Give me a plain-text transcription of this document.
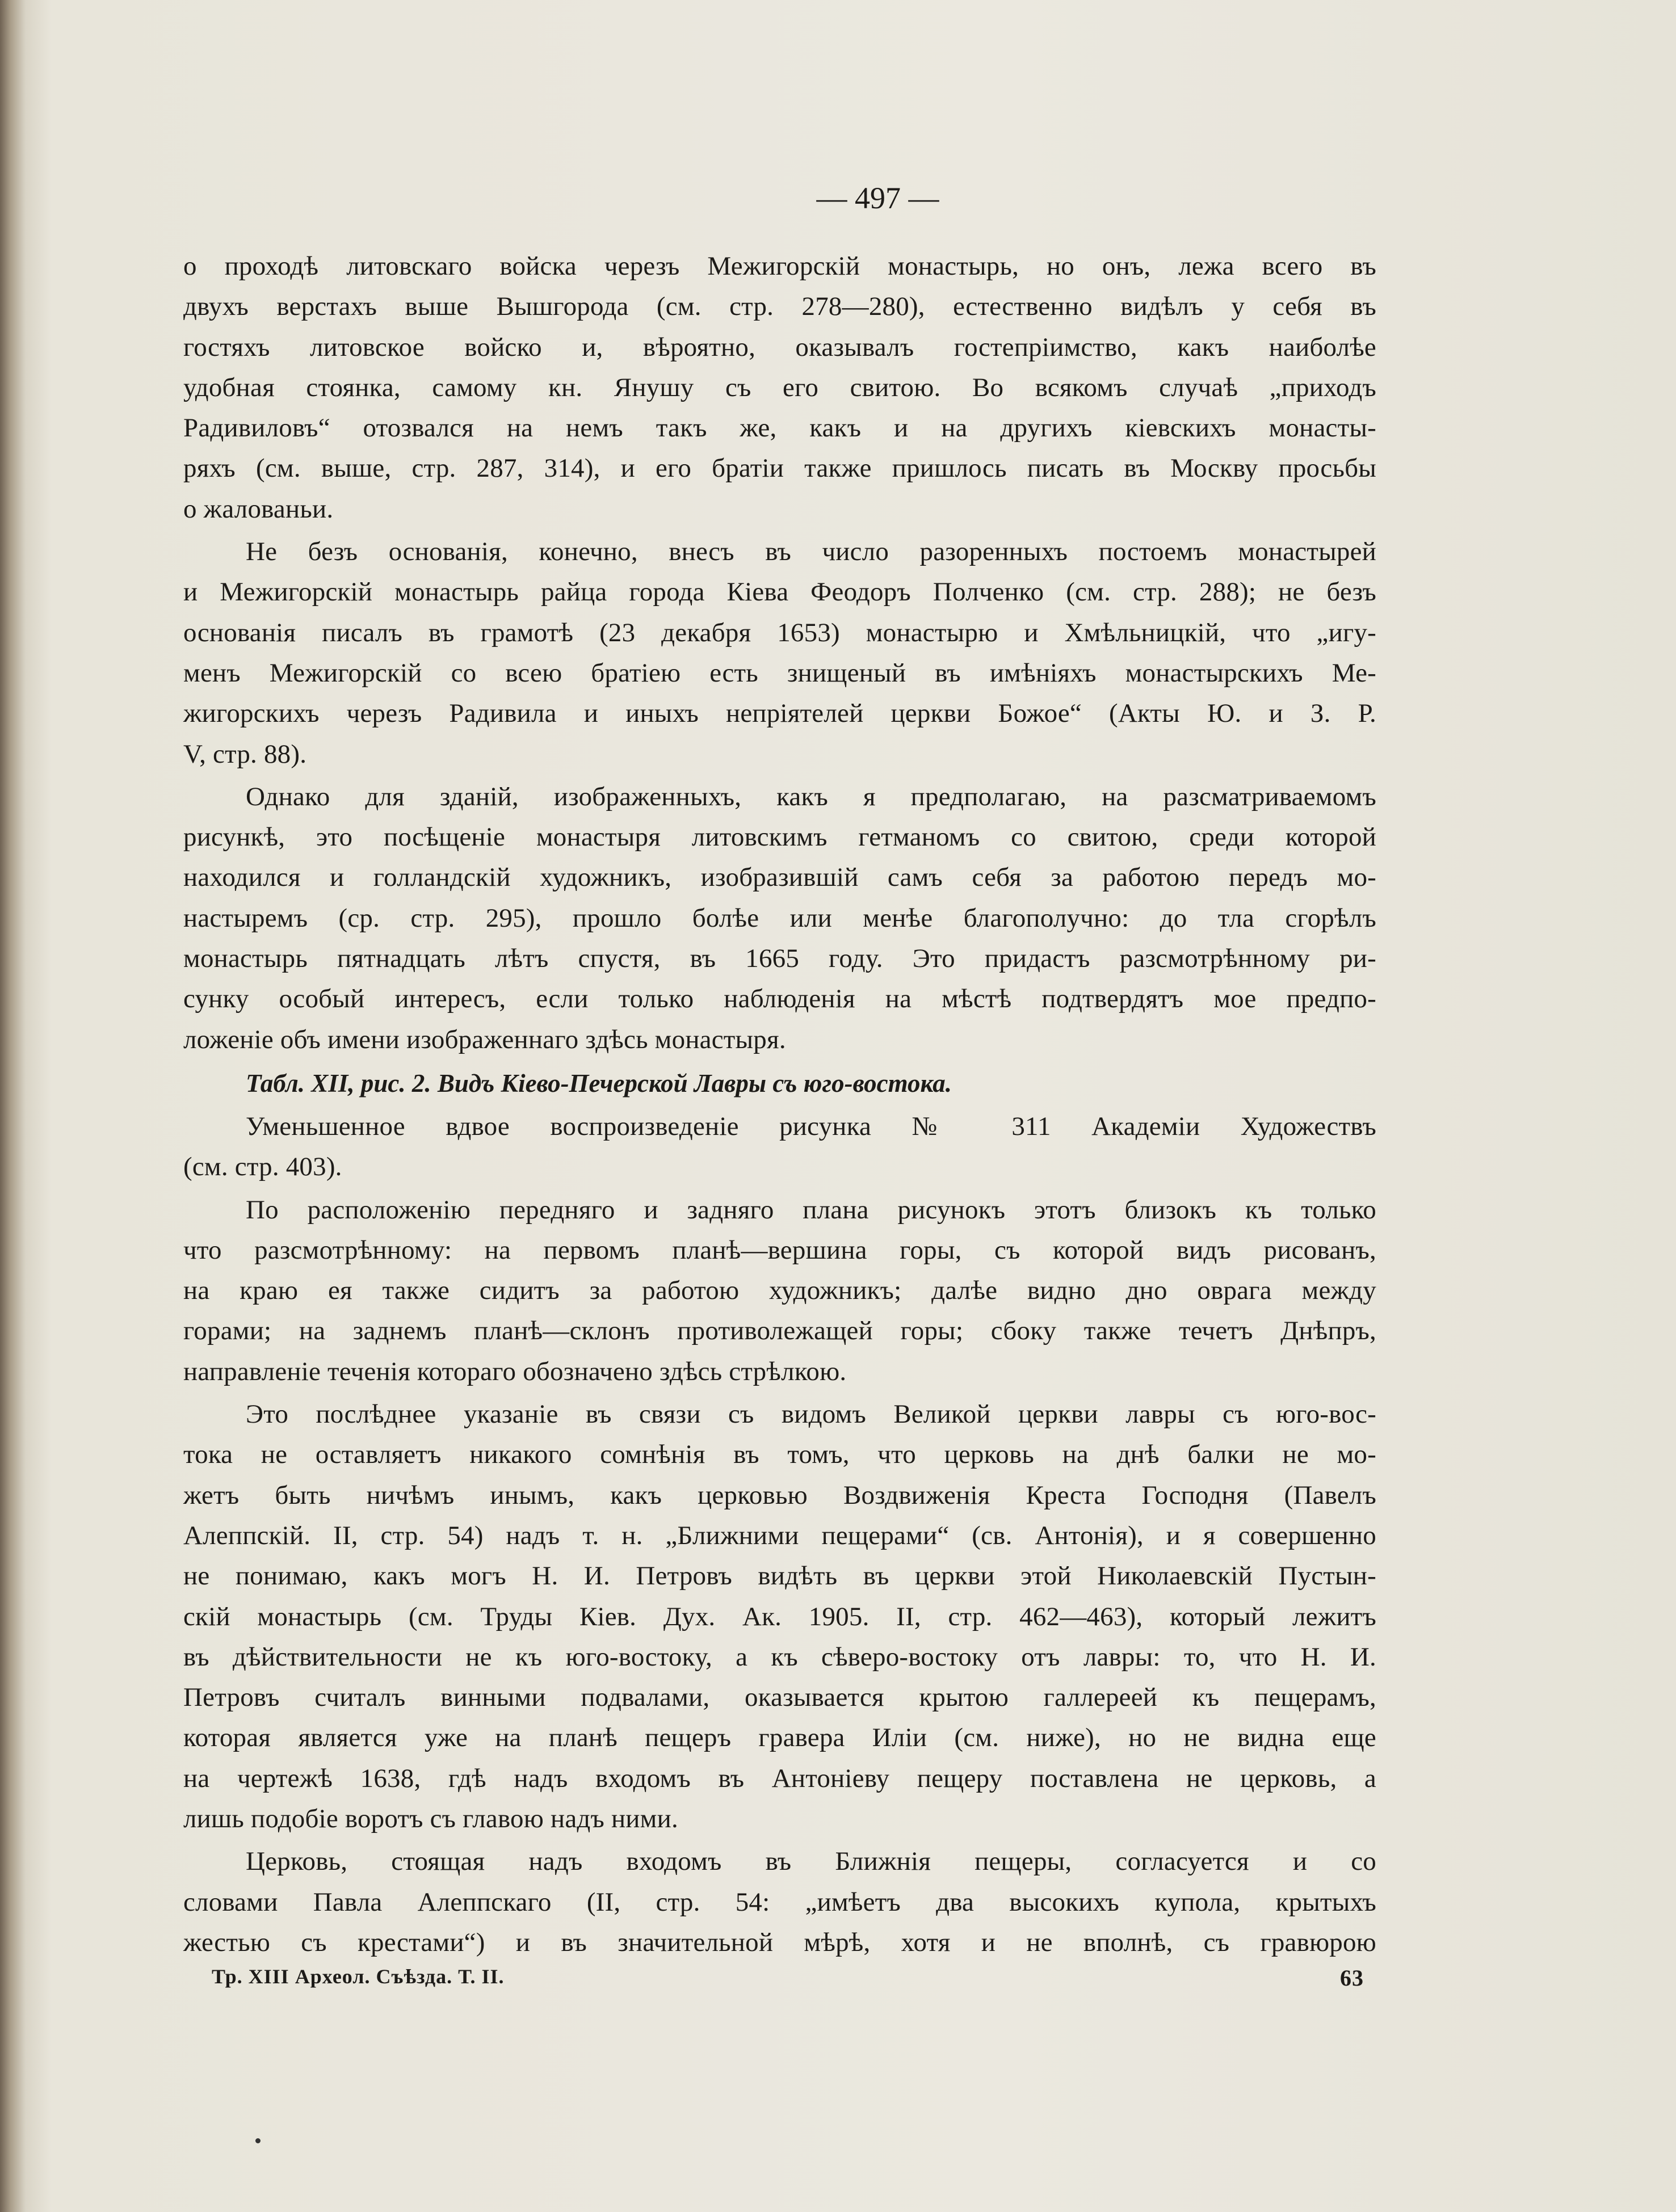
— 497 —
о проходѣ литовскаго войска черезъ Межигорскій монастырь, но онъ, лежа всего въ
двухъ верстахъ выше Вышгорода (см. стр. 278—280), естественно видѣлъ у себя въ
гостяхъ литовское войско и, вѣроятно, оказывалъ гостепріимство, какъ наиболѣе
удобная стоянка, самому кн. Янушу съ его свитою. Во всякомъ случаѣ „приходъ
Радивиловъ“ отозвался на немъ такъ же, какъ и на другихъ кіевскихъ монасты-
ряхъ (см. выше, стр. 287, 314), и его братіи также пришлось писать въ Москву просьбы
о жалованьи.
Не безъ основанія, конечно, внесъ въ число разоренныхъ постоемъ монастырей
и Межигорскій монастырь райца города Кіева Феодоръ Полченко (см. стр. 288); не безъ
основанія писалъ въ грамотѣ (23 декабря 1653) монастырю и Хмѣльницкій, что „игу-
менъ Межигорскій со всею братіею есть знищеный въ имѣніяхъ монастырскихъ Ме-
жигорскихъ черезъ Радивила и иныхъ непріятелей церкви Божое“ (Акты Ю. и З. Р.
V, стр. 88).
Однако для зданій, изображенныхъ, какъ я предполагаю, на разсматриваемомъ
рисункѣ, это посѣщеніе монастыря литовскимъ гетманомъ со свитою, среди которой
находился и голландскій художникъ, изобразившій самъ себя за работою передъ мо-
настыремъ (ср. стр. 295), прошло болѣе или менѣе благополучно: до тла сгорѣлъ
монастырь пятнадцать лѣтъ спустя, въ 1665 году. Это придастъ разсмотрѣнному ри-
сунку особый интересъ, если только наблюденія на мѣстѣ подтвердятъ мое предпо-
ложеніе объ имени изображеннаго здѣсь монастыря.
Табл. XII, рис. 2. Видъ Кіево-Печерской Лавры съ юго-востока.
Уменьшенное вдвое воспроизведеніе рисунка № 311 Академіи Художествъ
(см. стр. 403).
По расположенію передняго и задняго плана рисунокъ этотъ близокъ къ только
что разсмотрѣнному: на первомъ планѣ—вершина горы, съ которой видъ рисованъ,
на краю ея также сидитъ за работою художникъ; далѣе видно дно оврага между
горами; на заднемъ планѣ—склонъ противолежащей горы; сбоку также течетъ Днѣпръ,
направленіе теченія котораго обозначено здѣсь стрѣлкою.
Это послѣднее указаніе въ связи съ видомъ Великой церкви лавры съ юго-вос-
тока не оставляетъ никакого сомнѣнія въ томъ, что церковь на днѣ балки не мо-
жетъ быть ничѣмъ инымъ, какъ церковью Воздвиженія Креста Господня (Павелъ
Алеппскій. II, стр. 54) надъ т. н. „Ближними пещерами“ (св. Антонія), и я совершенно
не понимаю, какъ могъ Н. И. Петровъ видѣть въ церкви этой Николаевскій Пустын-
скій монастырь (см. Труды Кіев. Дух. Ак. 1905. II, стр. 462—463), который лежитъ
въ дѣйствительности не къ юго-востоку, а къ сѣверо-востоку отъ лавры: то, что Н. И.
Петровъ считалъ винными подвалами, оказывается крытою галлереей къ пещерамъ,
которая является уже на планѣ пещеръ гравера Иліи (см. ниже), но не видна еще
на чертежѣ 1638, гдѣ надъ входомъ въ Антоніеву пещеру поставлена не церковь, а
лишь подобіе воротъ съ главою надъ ними.
Церковь, стоящая надъ входомъ въ Ближнія пещеры, согласуется и со
словами Павла Алеппскаго (II, стр. 54: „имѣетъ два высокихъ купола, крытыхъ
жестью съ крестами“) и въ значительной мѣрѣ, хотя и не вполнѣ, съ гравюрою
Тр. XIII Археол. Съѣзда. Т. II.	63
